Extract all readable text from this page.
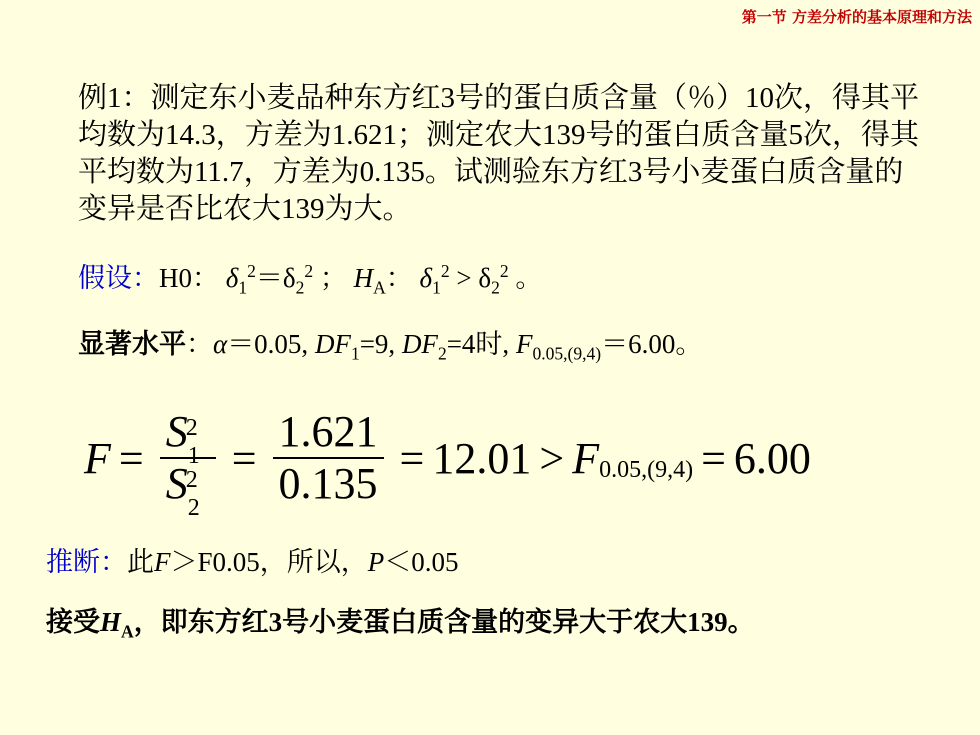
第一节 方差分析的基本原理和方法
例1：测定东小麦品种东方红3号的蛋白质含量（％）10次，得其平均数为14.3，方差为1.621；测定农大139号的蛋白质含量5次，得其平均数为11.7，方差为0.135。试测验东方红3号小麦蛋白质含量的变异是否比农大139为大。
假设：H0： $\delta_1^2=\delta_2^2$ ； $H_A$： $\delta_1^2 > \delta_2^2$ 。
显著水平：α＝0.05, $DF_1=9$, $DF_2=4$时, $F_{0.05,(9,4)}=6.00$。
F = S
2
1
S
2
$2 = \frac{1.621}{0.135} = 12.01 > F$ 0.05,(9,4) = 6.00
推断：此F＞F0.05，所以，P＜0.05
接受$H_A$，即东方红3号小麦蛋白质含量的变异大于农大139。
